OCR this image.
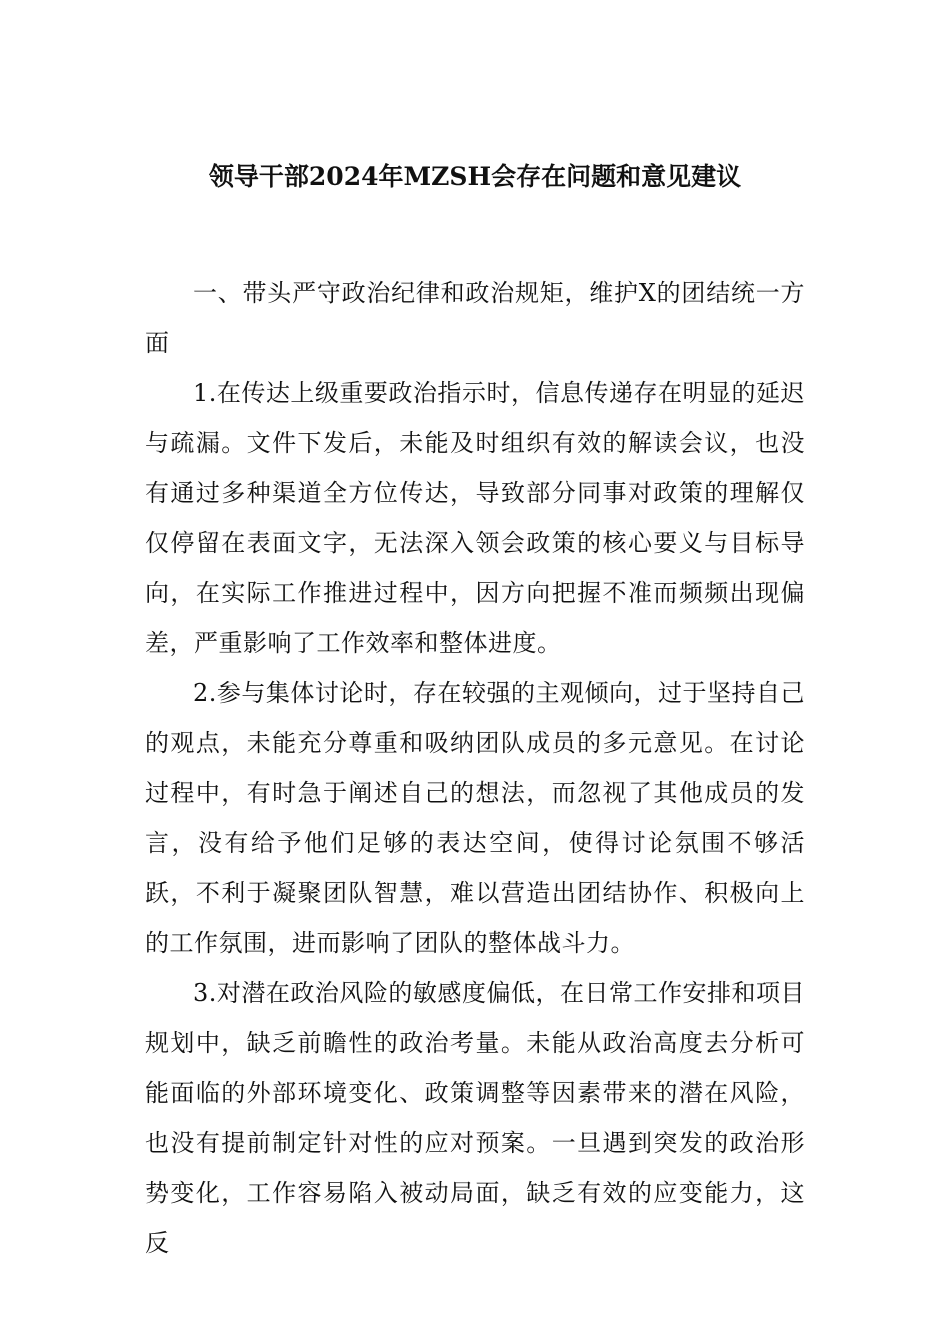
领导干部2024年MZSH会存在问题和意见建议

一、带头严守政治纪律和政治规矩，维护X的团结统一方面

1.在传达上级重要政治指示时，信息传递存在明显的延迟与疏漏。文件下发后，未能及时组织有效的解读会议，也没有通过多种渠道全方位传达，导致部分同事对政策的理解仅仅停留在表面文字，无法深入领会政策的核心要义与目标导向，在实际工作推进过程中，因方向把握不准而频频出现偏差，严重影响了工作效率和整体进度。

2.参与集体讨论时，存在较强的主观倾向，过于坚持自己的观点，未能充分尊重和吸纳团队成员的多元意见。在讨论过程中，有时急于阐述自己的想法，而忽视了其他成员的发言，没有给予他们足够的表达空间，使得讨论氛围不够活跃，不利于凝聚团队智慧，难以营造出团结协作、积极向上的工作氛围，进而影响了团队的整体战斗力。

3.对潜在政治风险的敏感度偏低，在日常工作安排和项目规划中，缺乏前瞻性的政治考量。未能从政治高度去分析可能面临的外部环境变化、政策调整等因素带来的潜在风险，也没有提前制定针对性的应对预案。一旦遇到突发的政治形势变化，工作容易陷入被动局面，缺乏有效的应变能力，这反
